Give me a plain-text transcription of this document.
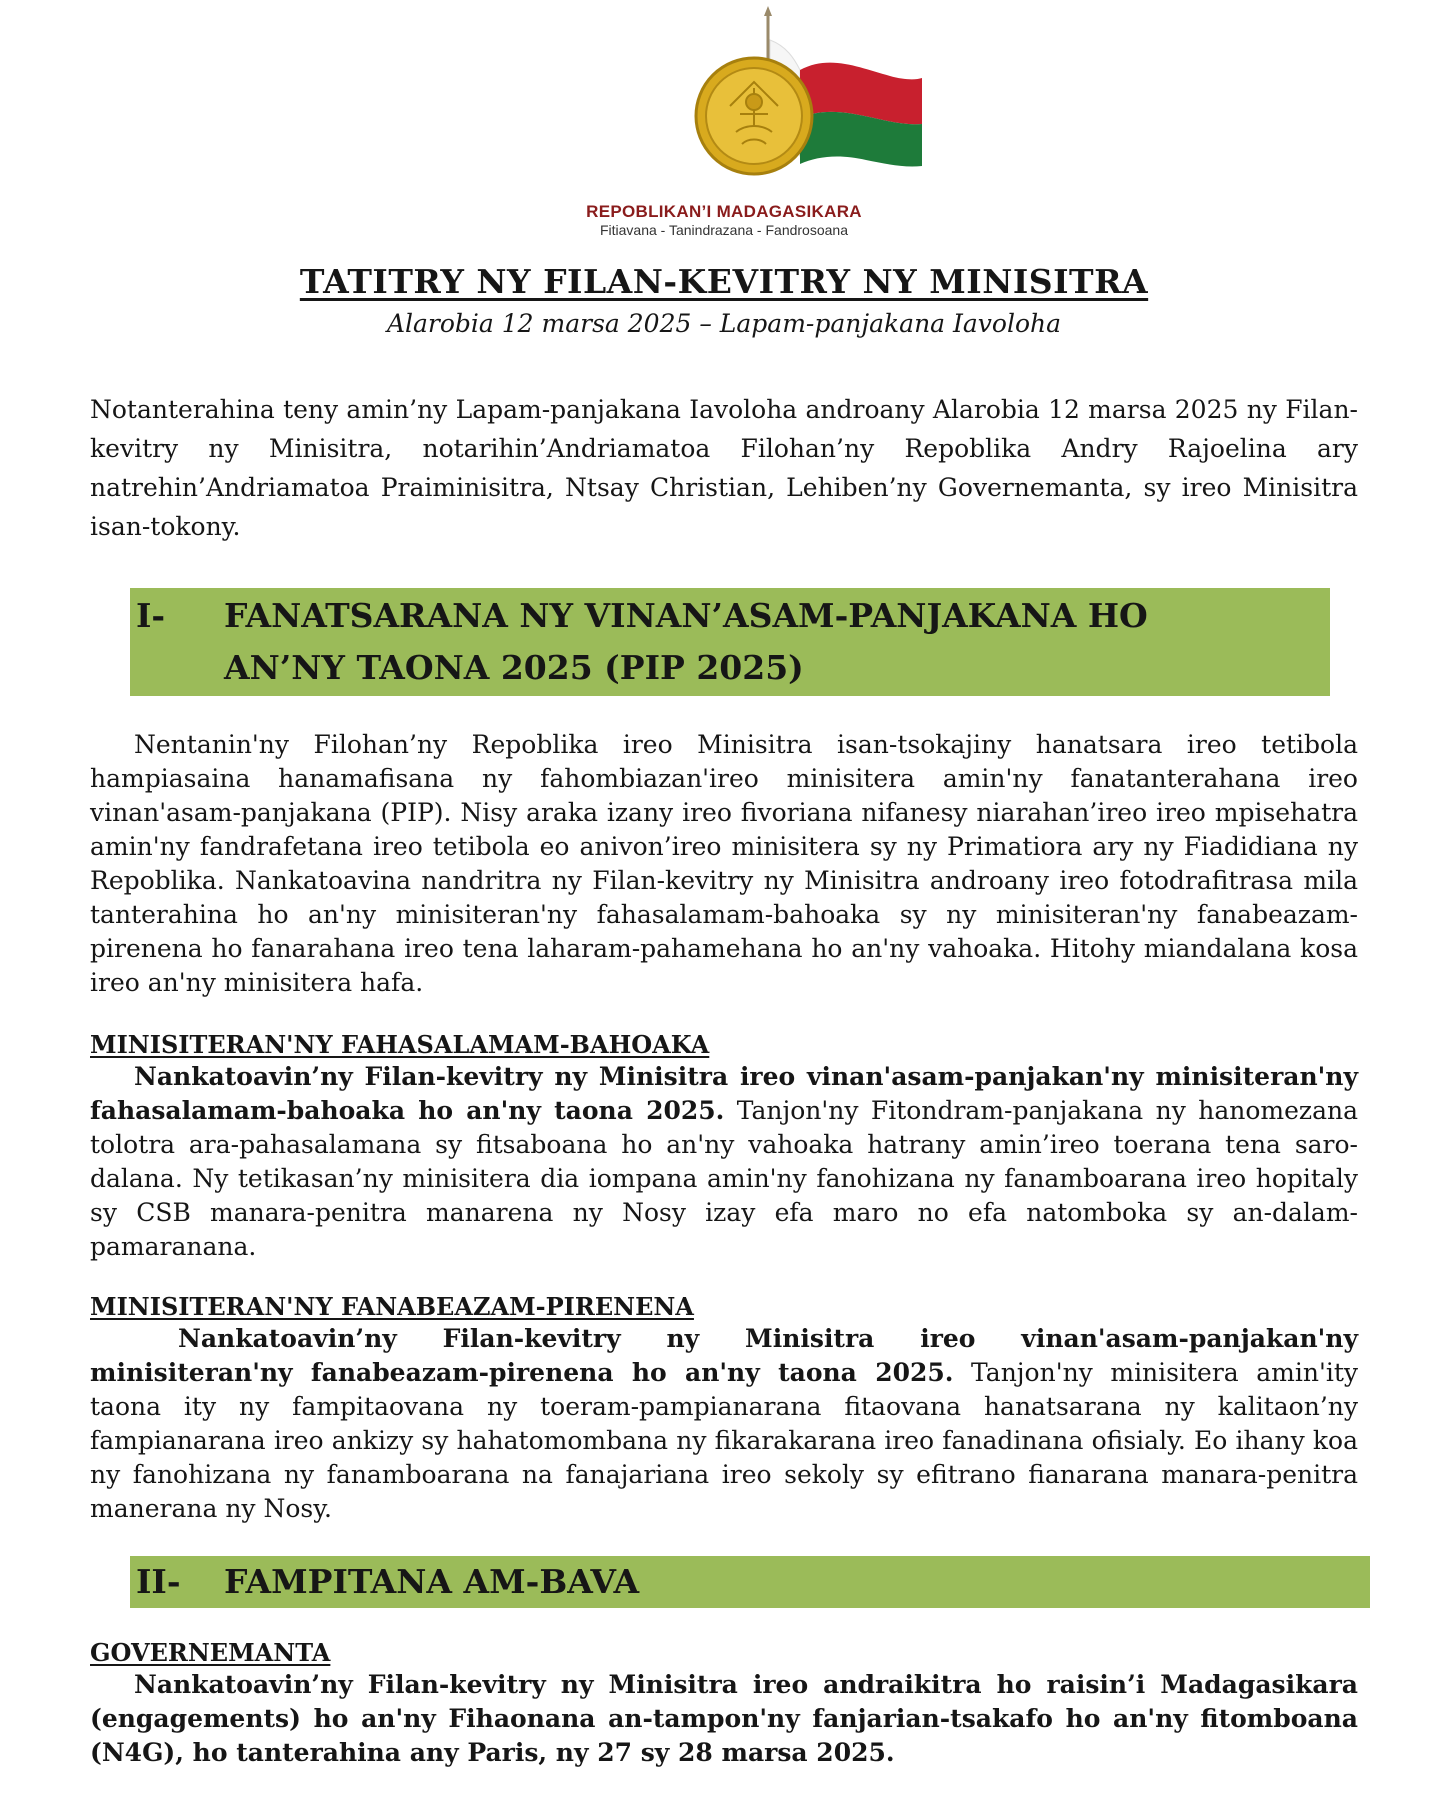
REPOBLIKAN’I MADAGASIKARA
Fitiavana - Tanindrazana - Fandrosoana
TATITRY NY FILAN-KEVITRY NY MINISITRA

Alarobia 12 marsa 2025 – Lapam-panjakana Iavoloha

Notanterahina teny amin’ny Lapam-panjakana Iavoloha androany Alarobia 12 marsa 2025 ny Filan-kevitry ny Minisitra, notarihin’Andriamatoa Filohan’ny Repoblika Andry Rajoelina ary natrehin’Andriamatoa Praiminisitra, Ntsay Christian, Lehiben’ny Governemanta, sy ireo Minisitra isan-tokony.

I-	FANATSARANA NY VINAN’ASAM-PANJAKANA HO
AN’NY TAONA 2025 (PIP 2025)

Nentanin'ny Filohan’ny Repoblika ireo Minisitra isan-tsokajiny hanatsara ireo tetibola hampiasaina hanamafisana ny fahombiazan'ireo minisitera amin'ny fanatanterahana ireo vinan'asam-panjakana (PIP). Nisy araka izany ireo fivoriana nifanesy niarahan’ireo ireo mpisehatra amin'ny fandrafetana ireo tetibola eo anivon’ireo minisitera sy ny Primatiora ary ny Fiadidiana ny Repoblika. Nankatoavina nandritra ny Filan-kevitry ny Minisitra androany ireo fotodrafitrasa mila tanterahina ho an'ny minisiteran'ny fahasalamam-bahoaka sy ny minisiteran'ny fanabeazam-pirenena ho fanarahana ireo tena laharam-pahamehana ho an'ny vahoaka. Hitohy miandalana kosa ireo an'ny minisitera hafa.

MINISITERAN'NY FAHASALAMAM-BAHOAKA

Nankatoavin’ny Filan-kevitry ny Minisitra ireo vinan'asam-panjakan'ny minisiteran'ny fahasalamam-bahoaka ho an'ny taona 2025. Tanjon'ny Fitondram-panjakana ny hanomezana tolotra ara-pahasalamana sy fitsaboana ho an'ny vahoaka hatrany amin’ireo toerana tena saro-dalana. Ny tetikasan’ny minisitera dia iompana amin'ny fanohizana ny fanamboarana ireo hopitaly sy CSB manara-penitra manarena ny Nosy izay efa maro no efa natomboka sy an-dalam-pamaranana.

MINISITERAN'NY FANABEAZAM-PIRENENA

Nankatoavin’ny Filan-kevitry ny Minisitra ireo vinan'asam-panjakan'ny minisiteran'ny fanabeazam-pirenena ho an'ny taona 2025. Tanjon'ny minisitera amin'ity taona ity ny fampitaovana ny toeram-pampianarana fitaovana hanatsarana ny kalitaon’ny fampianarana ireo ankizy sy hahatomombana ny fikarakarana ireo fanadinana ofisialy. Eo ihany koa ny fanohizana ny fanamboarana na fanajariana ireo sekoly sy efitrano fianarana manara-penitra manerana ny Nosy.

II-	FAMPITANA AM-BAVA

GOVERNEMANTA

Nankatoavin’ny Filan-kevitry ny Minisitra ireo andraikitra ho raisin’i Madagasikara (engagements) ho an'ny Fihaonana an-tampon'ny fanjarian-tsakafo ho an'ny fitomboana (N4G), ho tanterahina any Paris, ny 27 sy 28 marsa 2025.
